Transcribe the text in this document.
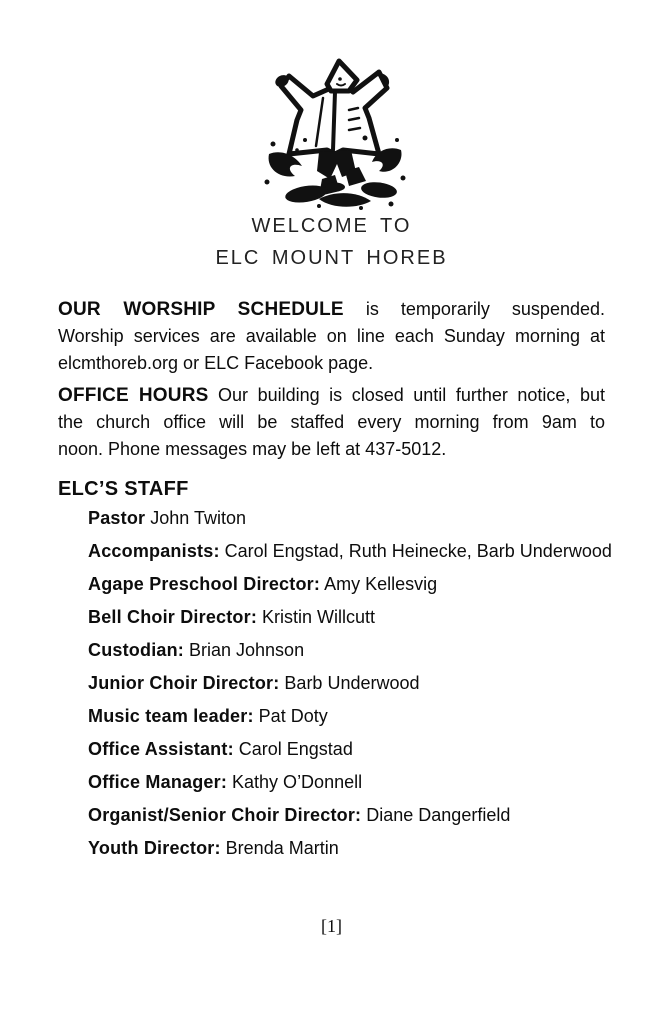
WELCOME TO
ELC MOUNT HOREB
OUR WORSHIP SCHEDULE is temporarily suspended.
Worship services are available on line each Sunday morning at
elcmthoreb.org or ELC Facebook page.
OFFICE HOURS Our building is closed until further notice, but
the church office will be staffed every morning from 9am to
noon. Phone messages may be left at 437-5012.
ELC’S STAFF
Pastor John Twiton
Accompanists: Carol Engstad, Ruth Heinecke, Barb Underwood
Agape Preschool Director: Amy Kellesvig
Bell Choir Director: Kristin Willcutt
Custodian: Brian Johnson
Junior Choir Director: Barb Underwood
Music team leader: Pat Doty
Office Assistant: Carol Engstad
Office Manager: Kathy O’Donnell
Organist/Senior Choir Director: Diane Dangerfield
Youth Director: Brenda Martin
[1]
